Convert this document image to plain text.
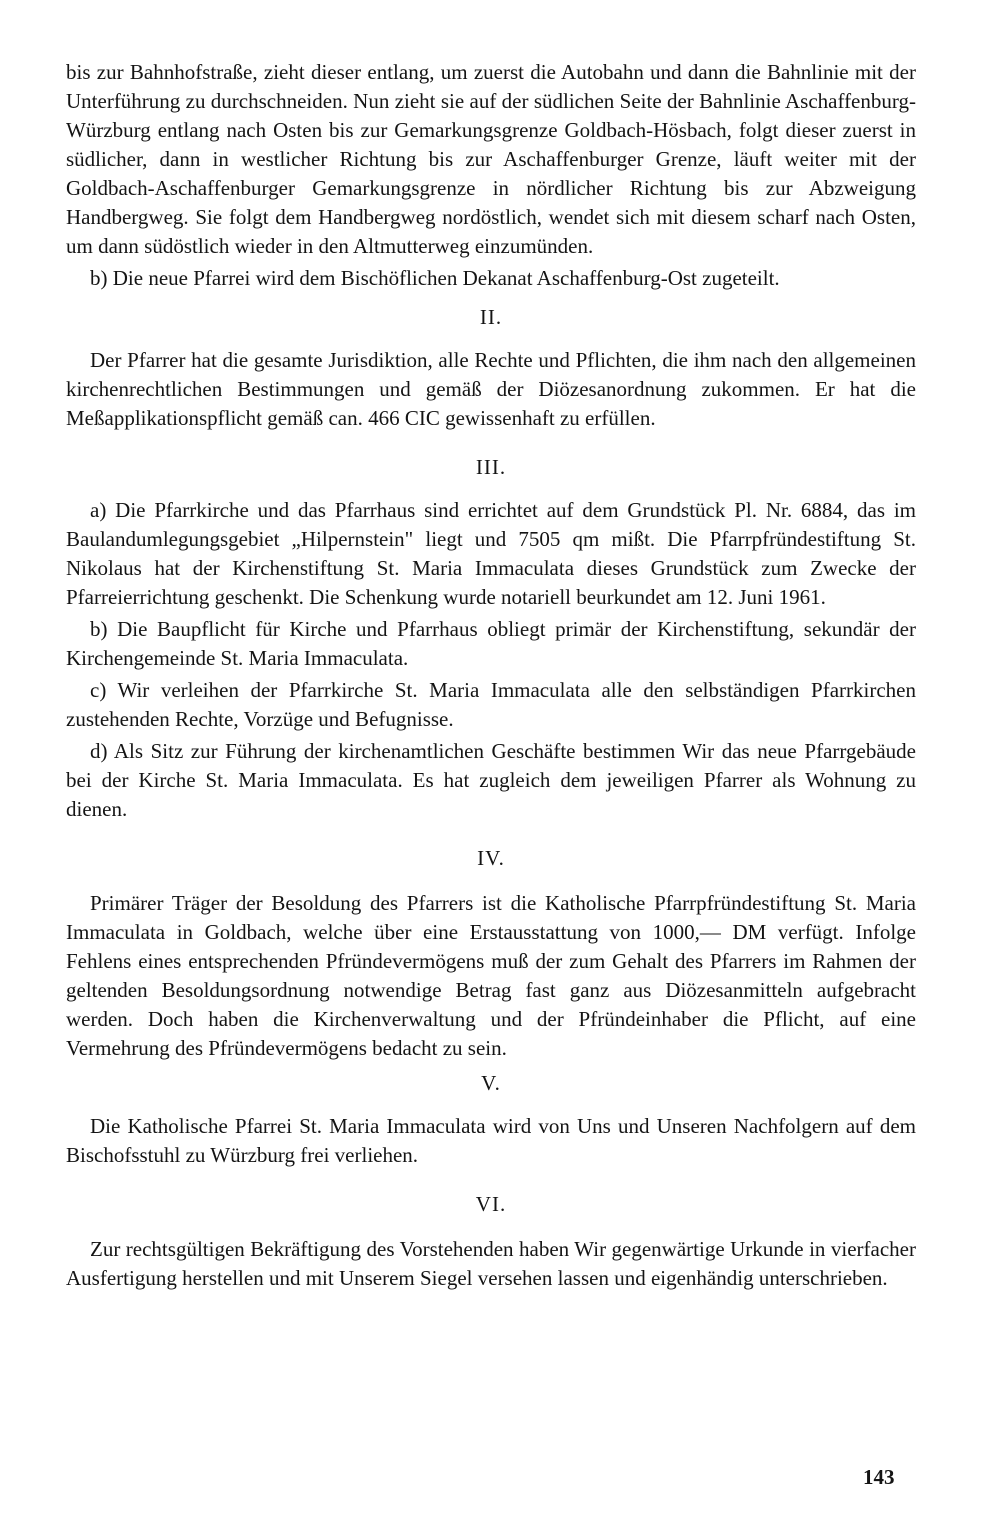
bis zur Bahnhofstraße, zieht dieser entlang, um zuerst die Autobahn und dann die Bahnlinie mit der Unterführung zu durchschneiden. Nun zieht sie auf der südlichen Seite der Bahnlinie Aschaffenburg-Würzburg entlang nach Osten bis zur Gemarkungsgrenze Goldbach-Hösbach, folgt dieser zuerst in südlicher, dann in westlicher Richtung bis zur Aschaffenburger Grenze, läuft weiter mit der Goldbach-Aschaffenburger Gemarkungsgrenze in nördlicher Richtung bis zur Abzweigung Handbergweg. Sie folgt dem Handbergweg nordöstlich, wendet sich mit diesem scharf nach Osten, um dann südöstlich wieder in den Altmutterweg einzumünden.

b) Die neue Pfarrei wird dem Bischöflichen Dekanat Aschaffenburg-Ost zugeteilt.

II.

Der Pfarrer hat die gesamte Jurisdiktion, alle Rechte und Pflichten, die ihm nach den allgemeinen kirchenrechtlichen Bestimmungen und gemäß der Diözesanordnung zukommen. Er hat die Meßapplikationspflicht gemäß can. 466 CIC gewissenhaft zu erfüllen.

III.

a) Die Pfarrkirche und das Pfarrhaus sind errichtet auf dem Grundstück Pl. Nr. 6884, das im Baulandumlegungsgebiet „Hilpernstein" liegt und 7505 qm mißt. Die Pfarrpfründestiftung St. Nikolaus hat der Kirchenstiftung St. Maria Immaculata dieses Grundstück zum Zwecke der Pfarreierrichtung geschenkt. Die Schenkung wurde notariell beurkundet am 12. Juni 1961.

b) Die Baupflicht für Kirche und Pfarrhaus obliegt primär der Kirchenstiftung, sekundär der Kirchengemeinde St. Maria Immaculata.

c) Wir verleihen der Pfarrkirche St. Maria Immaculata alle den selbständigen Pfarrkirchen zustehenden Rechte, Vorzüge und Befugnisse.

d) Als Sitz zur Führung der kirchenamtlichen Geschäfte bestimmen Wir das neue Pfarrgebäude bei der Kirche St. Maria Immaculata. Es hat zugleich dem jeweiligen Pfarrer als Wohnung zu dienen.

IV.

Primärer Träger der Besoldung des Pfarrers ist die Katholische Pfarrpfründestiftung St. Maria Immaculata in Goldbach, welche über eine Erstausstattung von 1000,— DM verfügt. Infolge Fehlens eines entsprechenden Pfründevermögens muß der zum Gehalt des Pfarrers im Rahmen der geltenden Besoldungsordnung notwendige Betrag fast ganz aus Diözesanmitteln aufgebracht werden. Doch haben die Kirchenverwaltung und der Pfründeinhaber die Pflicht, auf eine Vermehrung des Pfründevermögens bedacht zu sein.

V.

Die Katholische Pfarrei St. Maria Immaculata wird von Uns und Unseren Nachfolgern auf dem Bischofsstuhl zu Würzburg frei verliehen.

VI.

Zur rechtsgültigen Bekräftigung des Vorstehenden haben Wir gegenwärtige Urkunde in vierfacher Ausfertigung herstellen und mit Unserem Siegel versehen lassen und eigenhändig unterschrieben.

143
